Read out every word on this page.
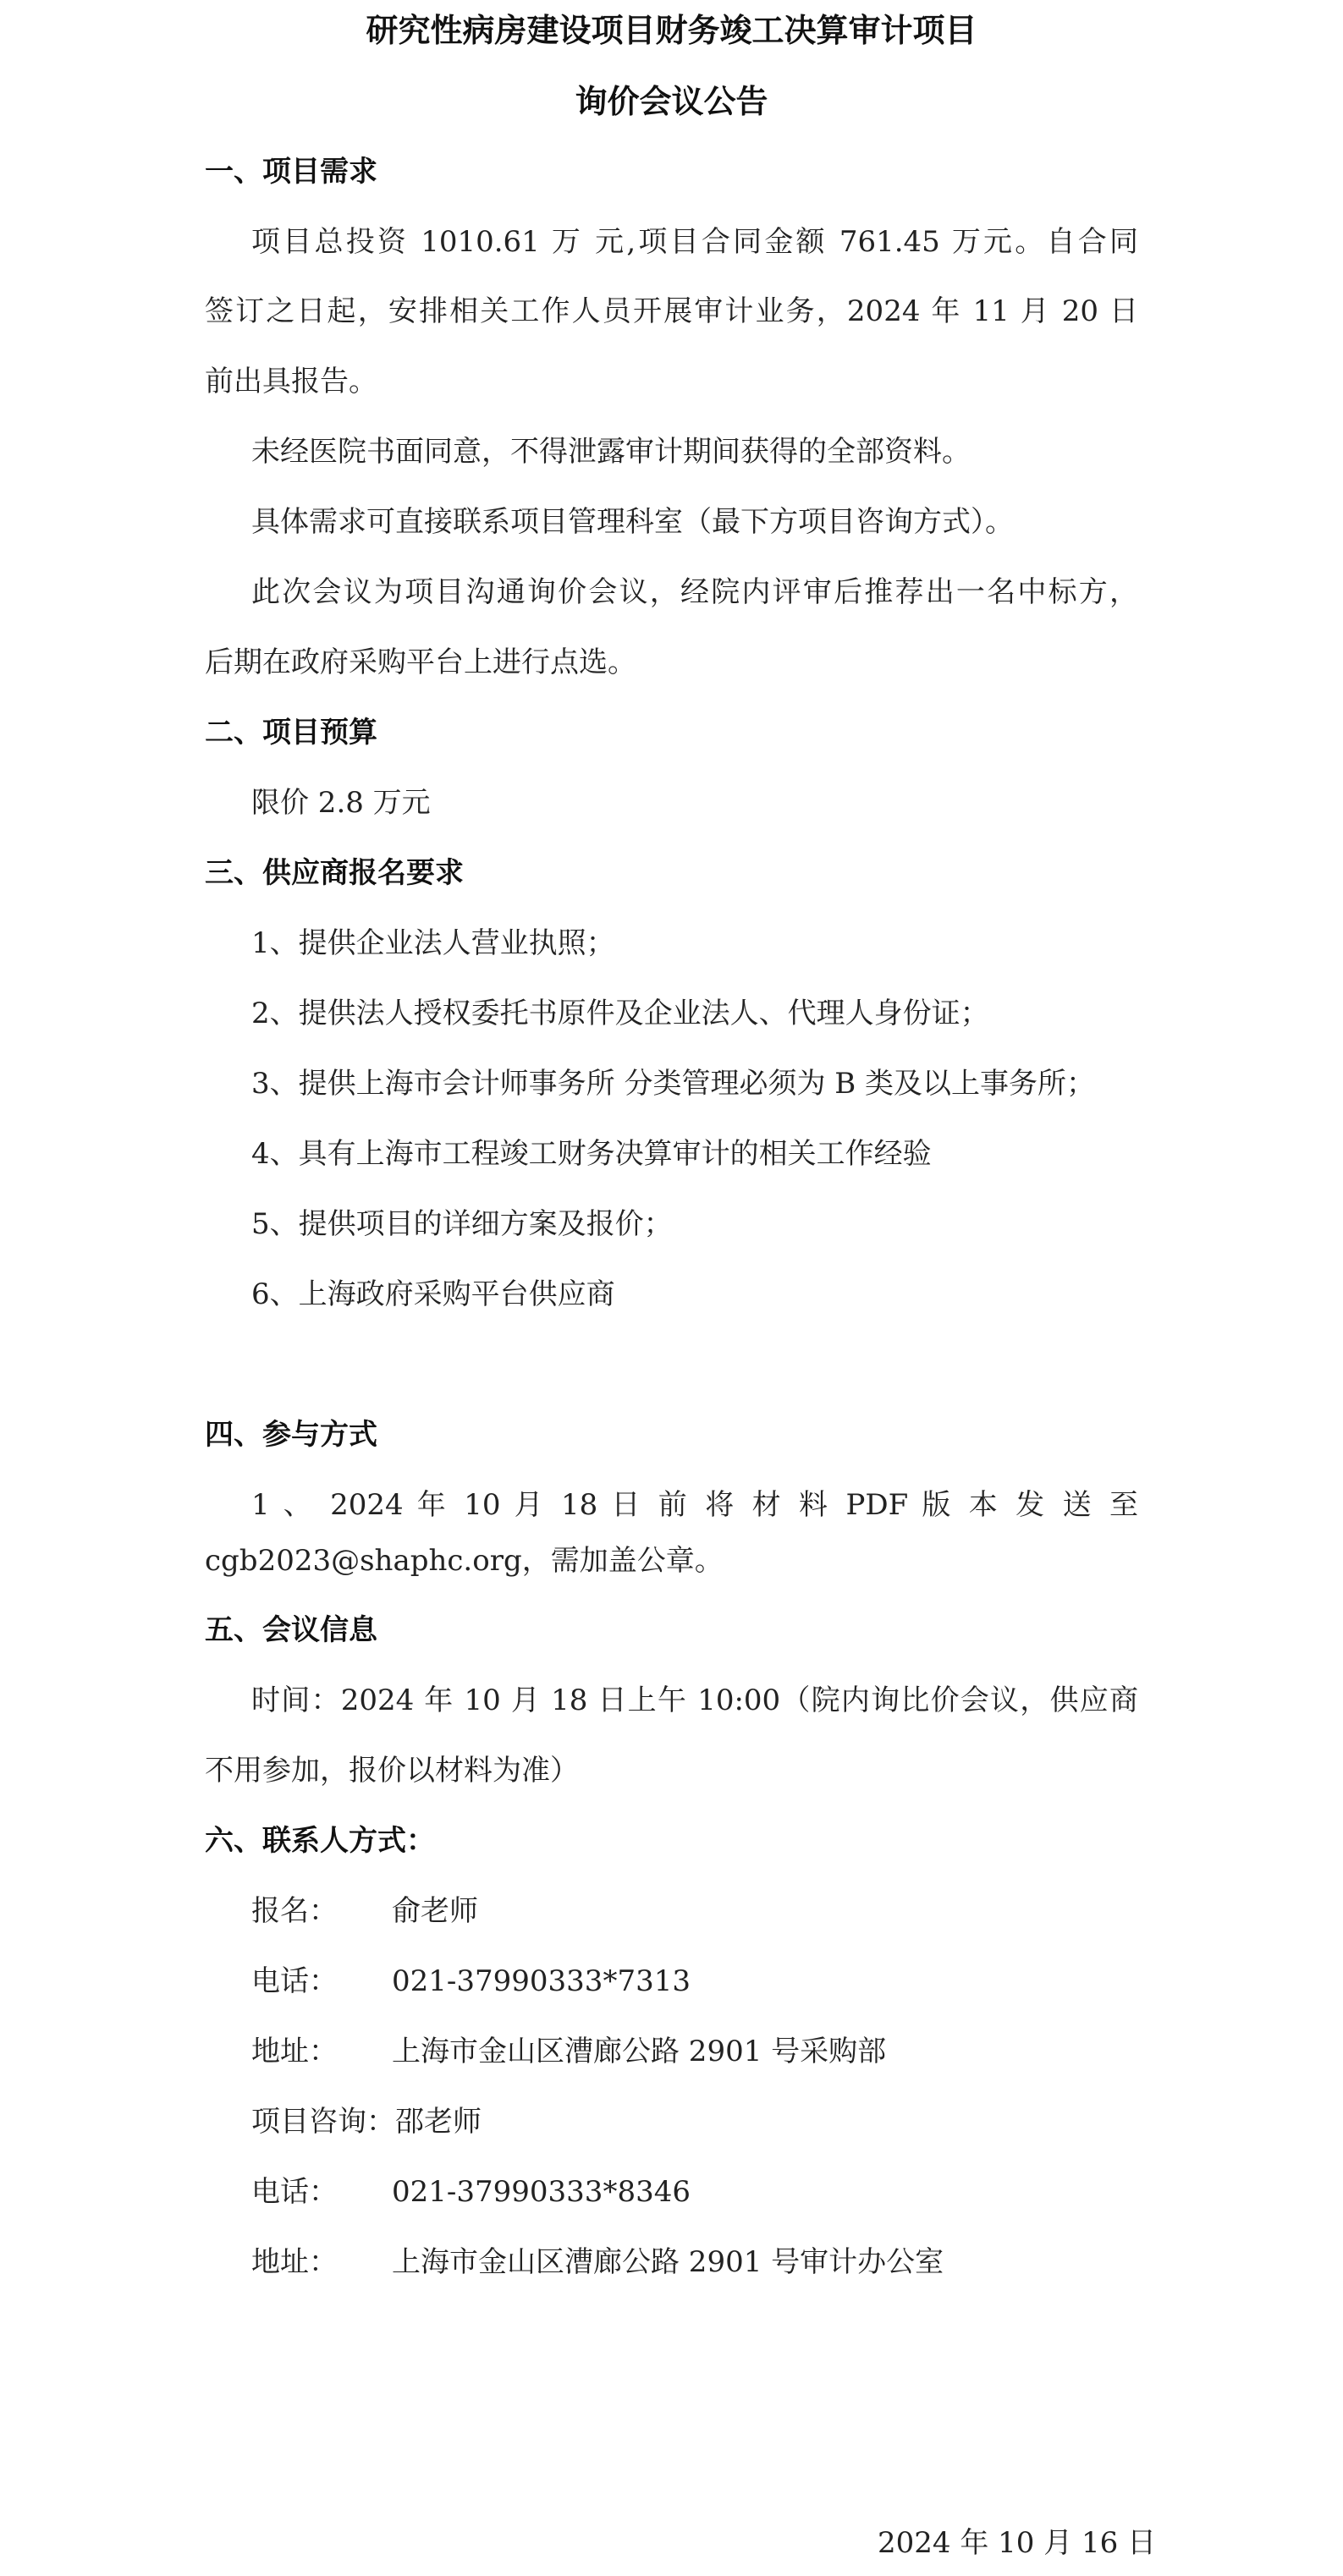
研究性病房建设项目财务竣工决算审计项目
询价会议公告
一、项目需求
项目总投资 1010.61 万 元,项目合同金额 761.45 万元。自合同
签订之日起，安排相关工作人员开展审计业务，2024 年 11 月 20 日
前出具报告。
未经医院书面同意，不得泄露审计期间获得的全部资料。
具体需求可直接联系项目管理科室（最下方项目咨询方式）。
此次会议为项目沟通询价会议，经院内评审后推荐出一名中标方，
后期在政府采购平台上进行点选。
二、项目预算
限价 2.8 万元
三、供应商报名要求
1、提供企业法人营业执照；
2、提供法人授权委托书原件及企业法人、代理人身份证；
3、提供上海市会计师事务所 分类管理必须为 B 类及以上事务所；
4、具有上海市工程竣工财务决算审计的相关工作经验
5、提供项目的详细方案及报价；
6、上海政府采购平台供应商
四、参与方式
1 、 2024 年 10 月 18 日 前 将 材 料 PDF 版 本 发 送 至
cgb2023@shaphc.org，需加盖公章。
五、会议信息
时间：2024 年 10 月 18 日上午 10:00（院内询比价会议，供应商
不用参加，报价以材料为准）
六、联系人方式：
报名： 俞老师
电话： 021-37990333*7313
地址： 上海市金山区漕廊公路 2901 号采购部
项目咨询：邵老师
电话： 021-37990333*8346
地址： 上海市金山区漕廊公路 2901 号审计办公室
2024 年 10 月 16 日
